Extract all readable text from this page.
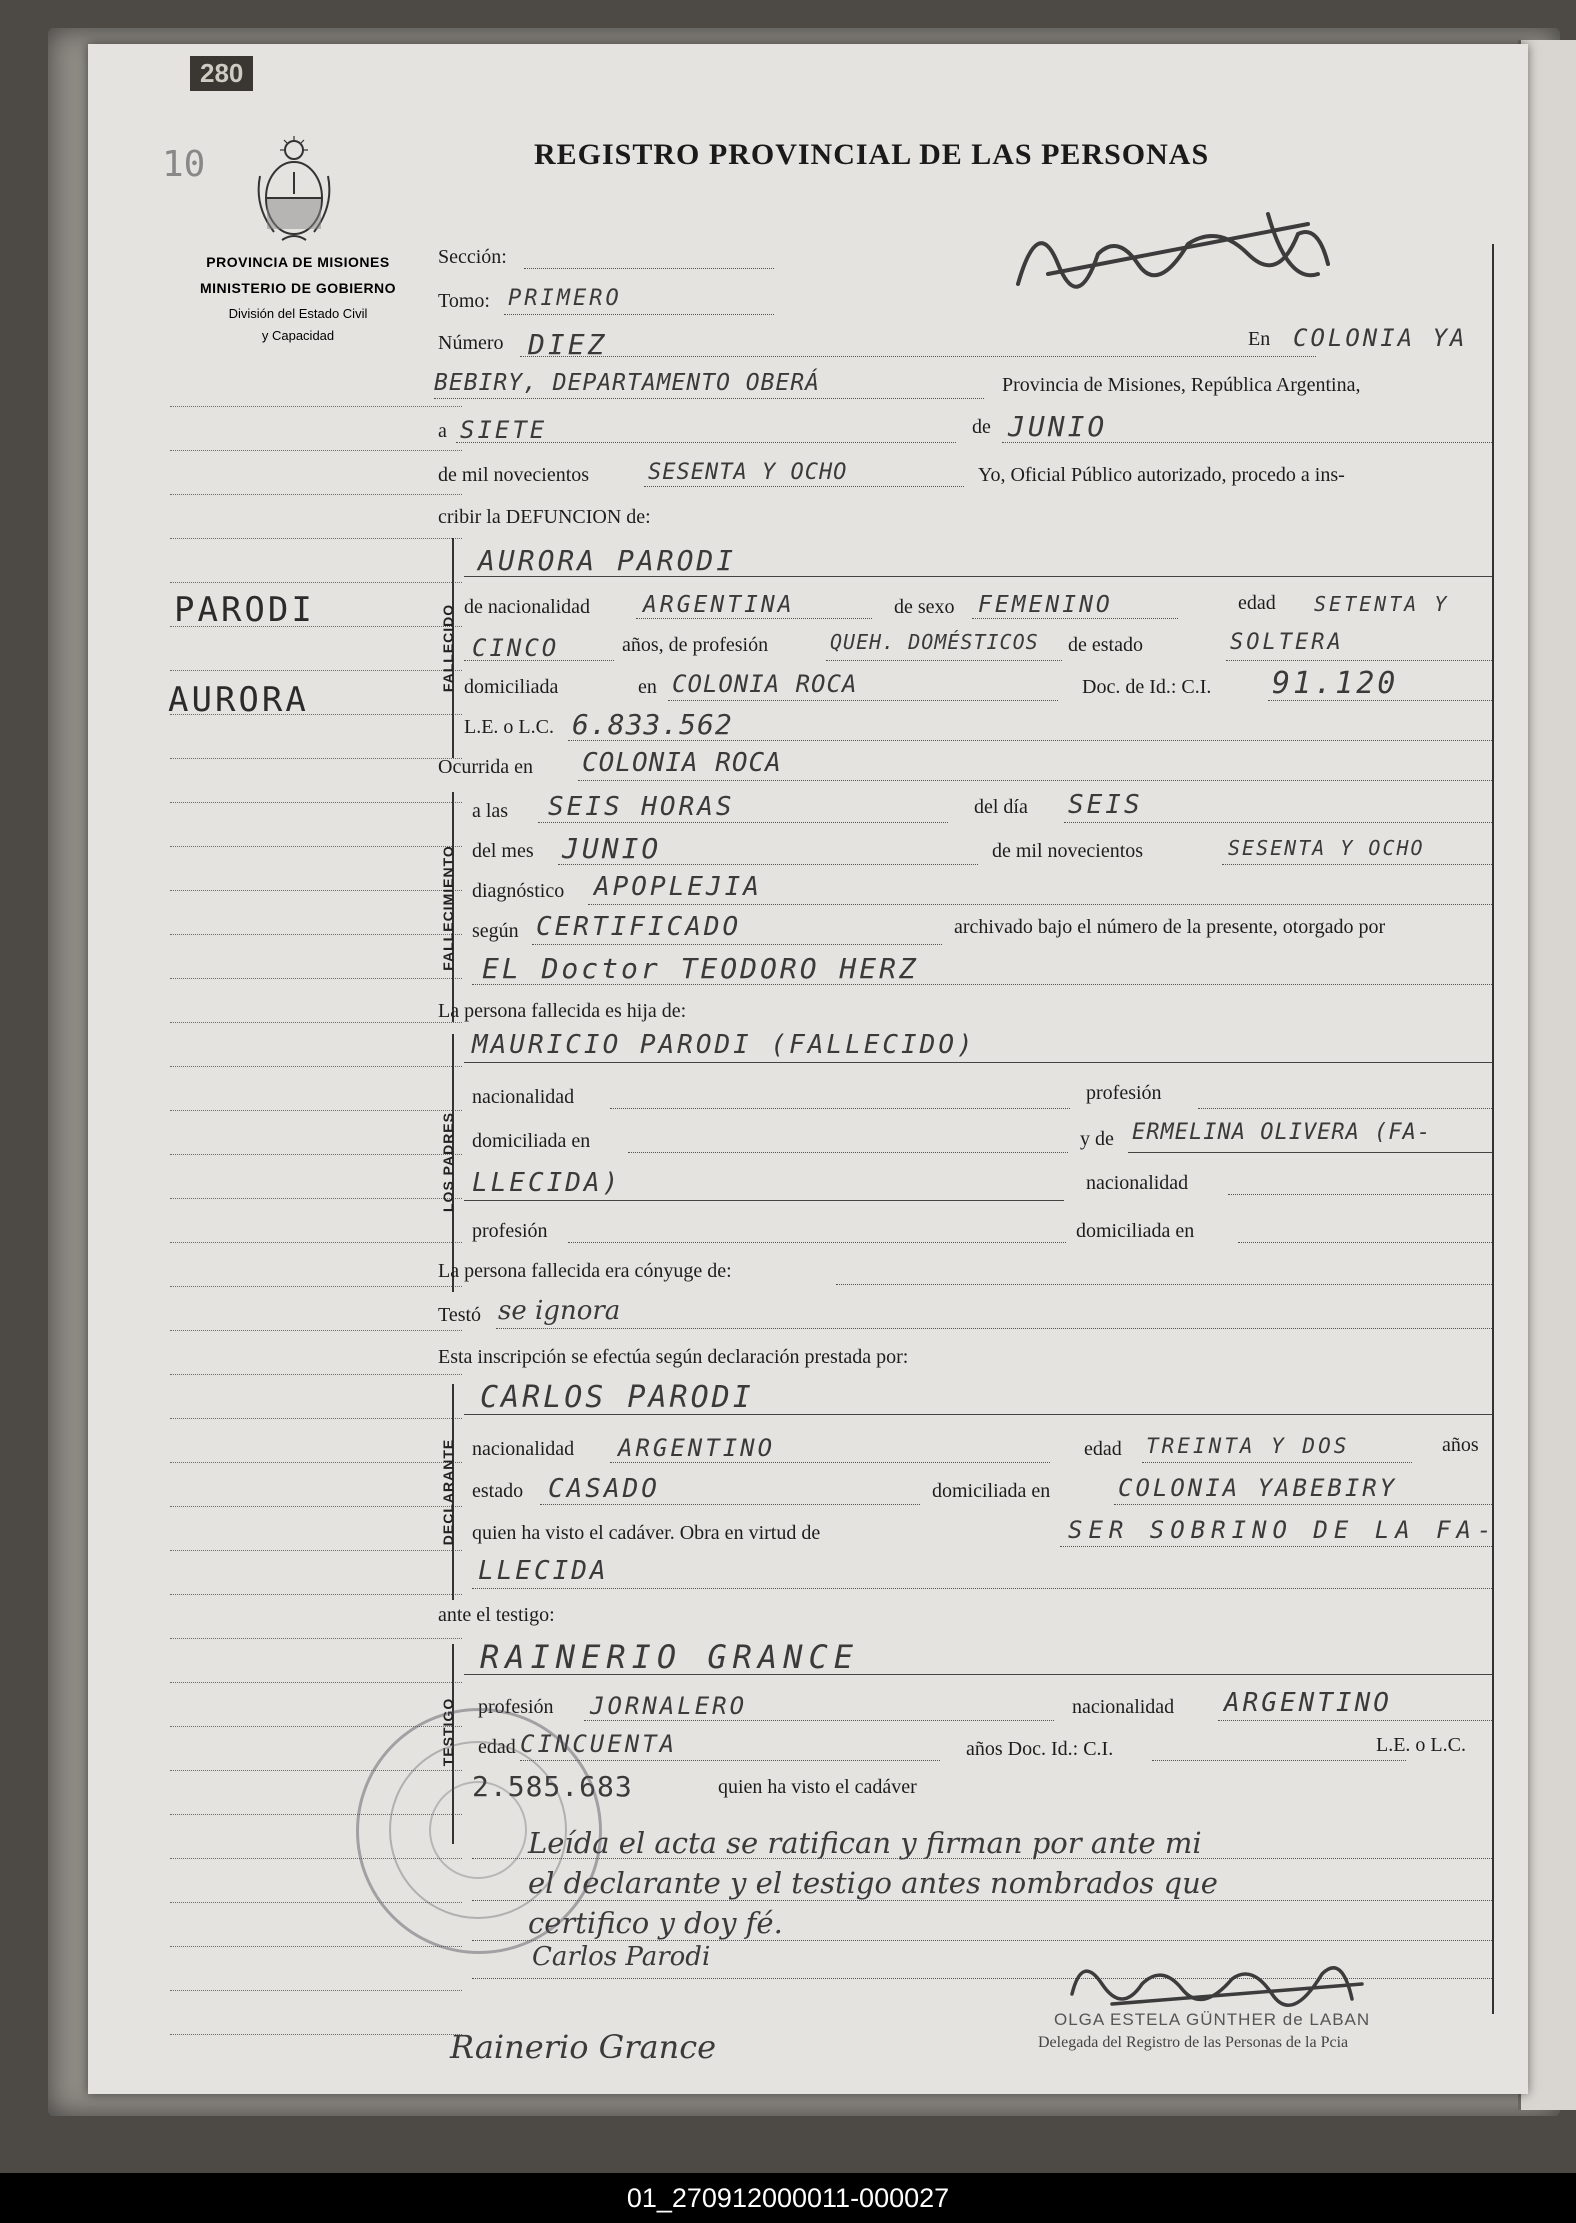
280
10
PROVINCIA DE MISIONES
MINISTERIO DE GOBIERNO
División del Estado Civil
y Capacidad
REGISTRO PROVINCIAL DE LAS PERSONAS
PARODI
AURORA
Sección:
Tomo: PRIMERO
Número DIEZ	En COLONIA YA
BEBIRY, DEPARTAMENTO OBERÁ	Provincia de Misiones, República Argentina,
a SIETE	de JUNIO
de mil novecientos	SESENTA Y OCHO	Yo, Oficial Público autorizado, procedo a ins-
cribir la DEFUNCION de:
FALLECIDO
AURORA PARODI
de nacionalidad ARGENTINA	de sexo FEMENINO	edad SETENTA Y
CINCO	años, de profesión	QUEH. DOMÉSTICOS de estado	SOLTERA
domiciliada	en COLONIA ROCA	Doc. de Id.: C.I. 91.120
L.E. o L.C. 6.833.562
Ocurrida en COLONIA ROCA
FALLECIMIENTO
a las SEIS HORAS	del día SEIS
del mes JUNIO	de mil novecientos	SESENTA Y OCHO
diagnóstico APOPLEJIA
según CERTIFICADO	archivado bajo el número de la presente, otorgado por
EL Doctor TEODORO HERZ
La persona fallecida es hija de:
LOS PADRES
MAURICIO PARODI (FALLECIDO)
nacionalidad	profesión
domiciliada en	y de ERMELINA OLIVERA (FA-
LLECIDA)	nacionalidad
profesión	domiciliada en
La persona fallecida era cónyuge de:
Testó se ignora
Esta inscripción se efectúa según declaración prestada por:
DECLARANTE
CARLOS PARODI
nacionalidad ARGENTINO	edad TREINTA Y DOS	años
estado CASADO	domiciliada en	COLONIA YABEBIRY
quien ha visto el cadáver. Obra en virtud de	SER SOBRINO DE LA FA-
LLECIDA
ante el testigo:
TESTIGO
RAINERIO GRANCE
profesión JORNALERO	nacionalidad ARGENTINO
edad CINCUENTA	años Doc. Id.: C.I.	L.E. o L.C.
2.585.683	quien ha visto el cadáver
Leída el acta se ratifican y firman por ante mi
el declarante y el testigo antes nombrados que
certifico y doy fé.
Carlos Parodi
Rainerio Grance
OLGA ESTELA GÜNTHER de LABAN
Delegada del Registro de las Personas de la Pcia
01_270912000011-000027
